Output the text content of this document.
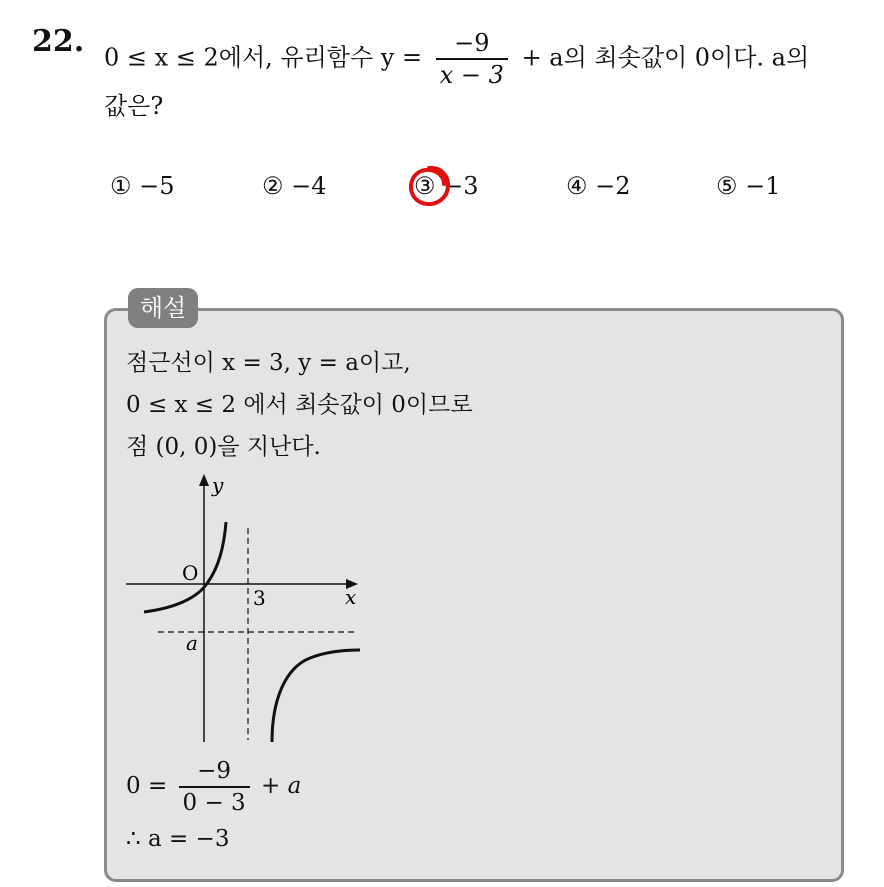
22. 0 ≤ x ≤ 2에서, 유리함수 $y = \frac{-9}{x - 3} + a$의 최솟값이 0이다. a의
값은?
① −5	② −4	③ −3	④ −2	⑤ −1
해설
점근선이 x = 3, y = a이고,
0 ≤ x ≤ 2 에서 최솟값이 0이므로
점 (0, 0)을 지난다.
y
x
O
3
a
$0 = \frac{-9}{0 - 3} + a$
∴ a = −3
